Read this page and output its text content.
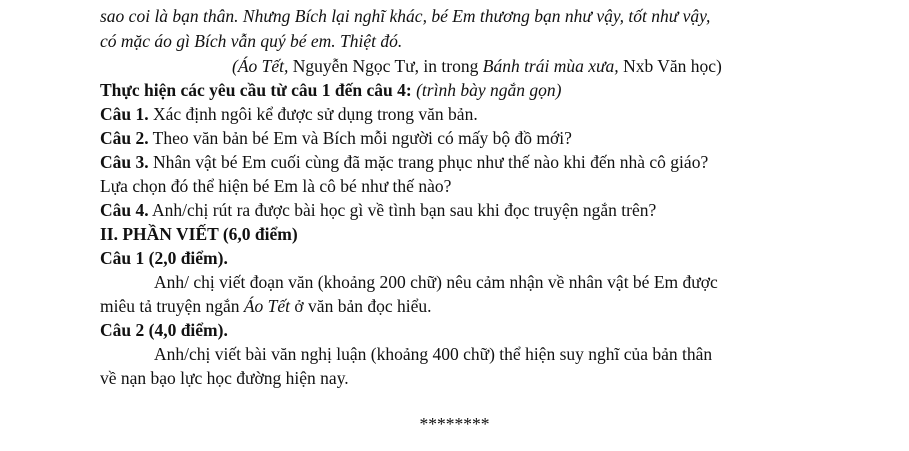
sao coi là bạn thân. Nhưng Bích lại nghĩ khác, bé Em thương bạn như vậy, tốt như vậy,
có mặc áo gì Bích vẫn quý bé em. Thiệt đó.
(Áo Tết, Nguyễn Ngọc Tư, in trong Bánh trái mùa xưa, Nxb Văn học)
Thực hiện các yêu cầu từ câu 1 đến câu 4: (trình bày ngắn gọn)
Câu 1. Xác định ngôi kể được sử dụng trong văn bản.
Câu 2. Theo văn bản bé Em và Bích mỗi người có mấy bộ đồ mới?
Câu 3. Nhân vật bé Em cuối cùng đã mặc trang phục như thế nào khi đến nhà cô giáo?
Lựa chọn đó thể hiện bé Em là cô bé như thế nào?
Câu 4. Anh/chị rút ra được bài học gì về tình bạn sau khi đọc truyện ngắn trên?
II. PHẦN VIẾT (6,0 điểm)
Câu 1 (2,0 điểm).
Anh/ chị viết đoạn văn (khoảng 200 chữ) nêu cảm nhận về nhân vật bé Em được
miêu tả truyện ngắn Áo Tết ở văn bản đọc hiểu.
Câu 2 (4,0 điểm).
Anh/chị viết bài văn nghị luận (khoảng 400 chữ) thể hiện suy nghĩ của bản thân
về nạn bạo lực học đường hiện nay.
********
